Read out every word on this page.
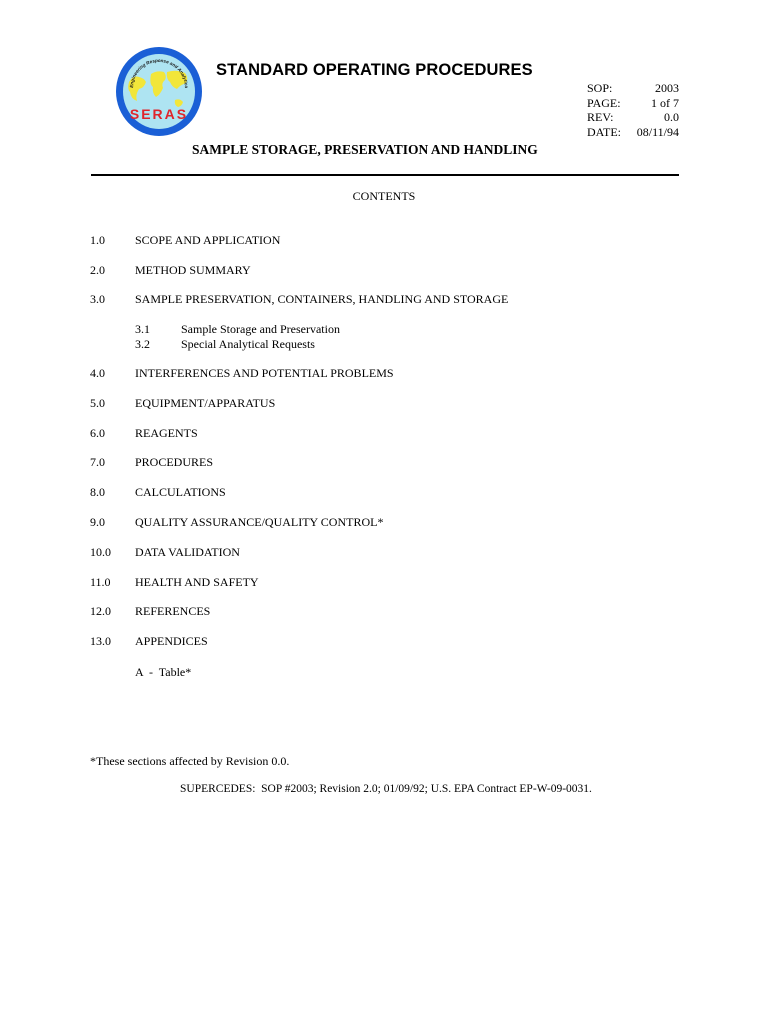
Engineering Response and Analytica
SERAS
STANDARD OPERATING PROCEDURES
SOP:	2003
PAGE:	1 of 7
REV:	0.0
DATE: 08/11/94
SAMPLE STORAGE, PRESERVATION AND HANDLING
CONTENTS
1.0	SCOPE AND APPLICATION
2.0	METHOD SUMMARY
3.0	SAMPLE PRESERVATION, CONTAINERS, HANDLING AND STORAGE
3.1	Sample Storage and Preservation
3.2	Special Analytical Requests
4.0	INTERFERENCES AND POTENTIAL PROBLEMS
5.0	EQUIPMENT/APPARATUS
6.0	REAGENTS
7.0	PROCEDURES
8.0	CALCULATIONS
9.0	QUALITY ASSURANCE/QUALITY CONTROL*
10.0 DATA VALIDATION
11.0 HEALTH AND SAFETY
12.0 REFERENCES
13.0 APPENDICES
A  -  Table*
*These sections affected by Revision 0.0.
SUPERCEDES:  SOP #2003; Revision 2.0; 01/09/92; U.S. EPA Contract EP-W-09-0031.
